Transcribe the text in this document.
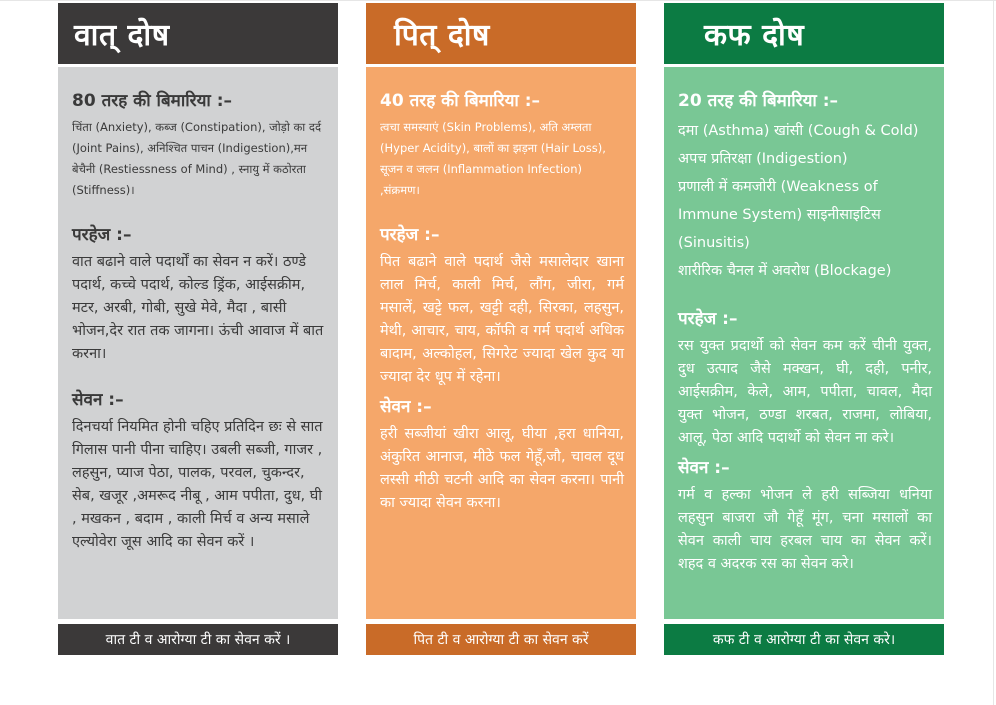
वात् दोष
80 तरह की बिमारिया :–
चिंता (Anxiety), कब्ज (Constipation), जोड़ो का दर्द (Joint Pains), अनिश्चित पाचन (Indigestion),मन बेचैनी (Restiessness of Mind) , स्नायु में कठोरता (Stiffness)।
परहेज :–
वात बढाने वाले पदार्थों का सेवन न करें। ठण्डे पदार्थ, कच्चे पदार्थ, कोल्ड ड्रिंक, आईसक्रीम, मटर, अरबी, गोबी, सुखे मेवे, मैदा , बासी भोजन,देर रात तक जागना। ऊंची आवाज में बात करना।
सेवन :–
दिनचर्या नियमित होनी चहिए प्रतिदिन छः से सात गिलास पानी पीना चाहिए। उबली सब्जी, गाजर , लहसुन, प्याज पेठा, पालक, परवल, चुकन्दर, सेब, खजूर ,अमरूद नीबू , आम पपीता, दुध, घी , मखकन , बदाम , काली मिर्च व अन्य मसाले एल्योवेरा जूस आदि का सेवन करें ।
वात टी व आरोग्या टी का सेवन करें ।
पित् दोष
40 तरह की बिमारिया :–
त्वचा समस्याएं (Skin Problems), अति अम्लता (Hyper Acidity), बालों का झड़ना (Hair Loss), सूजन व जलन (Inflammation Infection) ,संक्रमण।
परहेज :–
पित बढाने वाले पदार्थ जैसे मसालेदार खाना लाल मिर्च, काली मिर्च, लौंग, जीरा, गर्म मसालें, खट्टे फल, खट्टी दही, सिरका, लहसुन, मेथी, आचार, चाय, कॉफी व गर्म पदार्थ अधिक बादाम, अल्कोहल, सिगरेट ज्यादा खेल कुद या ज्यादा देर धूप में रहेना।
सेवन :–
हरी सब्जीयां खीरा आलू, घीया ,हरा धानिया, अंकुरित आनाज, मीठे फल गेहूँ,जौ, चावल दूध लस्सी मीठी चटनी आदि का सेवन करना। पानी का ज्यादा सेवन करना।
पित टी व आरोग्या टी का सेवन करें
कफ दोष
20 तरह की बिमारिया :–
दमा (Asthma) खांसी (Cough & Cold)
अपच प्रतिरक्षा (Indigestion)
प्रणाली में कमजोरी (Weakness of Immune System) साइनीसाइटिस (Sinusitis)
शारीरिक चैनल में अवरोध (Blockage)
परहेज :–
रस युक्त प्रदार्थो को सेवन कम करें चीनी युक्त, दुध उत्पाद जैसे मक्खन, घी, दही, पनीर, आईसक्रीम, केले, आम, पपीता, चावल, मैदा युक्त भोजन, ठण्डा शरबत, राजमा, लोबिया, आलू, पेठा आदि पदार्थो को सेवन ना करे।
सेवन :–
गर्म व हल्का भोजन ले हरी सब्जिया धनिया लहसुन बाजरा जौ गेहूँ मूंग, चना मसालों का सेवन काली चाय हरबल चाय का सेवन करें। शहद व अदरक रस का सेवन करे।
कफ टी व आरोग्या टी का सेवन करे।
